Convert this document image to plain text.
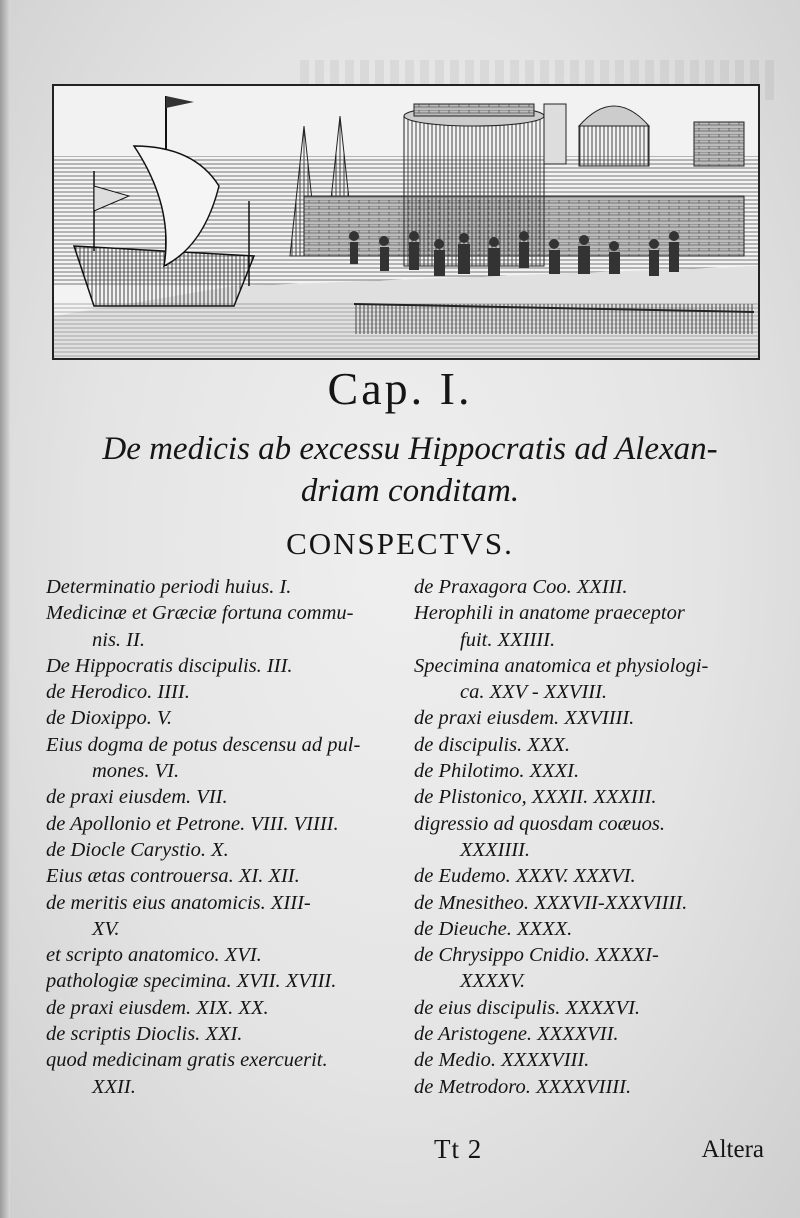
Cap. I.
De medicis ab excessu Hippocratis ad Alexan-
driam conditam.
CONSPECTVS.
Determinatio periodi huius. I.
Medicinæ et Græciæ fortuna commu-
nis. II.
De Hippocratis discipulis. III.
de Herodico. IIII.
de Dioxippo. V.
Eius dogma de potus descensu ad pul-
mones. VI.
de praxi eiusdem. VII.
de Apollonio et Petrone. VIII. VIIII.
de Diocle Carystio. X.
Eius ætas controuersa. XI. XII.
de meritis eius anatomicis. XIII-
XV.
et scripto anatomico. XVI.
pathologiæ specimina. XVII. XVIII.
de praxi eiusdem. XIX. XX.
de scriptis Dioclis. XXI.
quod medicinam gratis exercuerit.
XXII.
de Praxagora Coo. XXIII.
Herophili in anatome praeceptor
fuit. XXIIII.
Specimina anatomica et physiologi-
ca. XXV - XXVIII.
de praxi eiusdem. XXVIIII.
de discipulis. XXX.
de Philotimo. XXXI.
de Plistonico, XXXII. XXXIII.
digressio ad quosdam coæuos.
XXXIIII.
de Eudemo. XXXV. XXXVI.
de Mnesitheo. XXXVII-XXXVIIII.
de Dieuche. XXXX.
de Chrysippo Cnidio. XXXXI-
XXXXV.
de eius discipulis. XXXXVI.
de Aristogene. XXXXVII.
de Medio. XXXXVIII.
de Metrodoro. XXXXVIIII.
Tt 2	Altera
